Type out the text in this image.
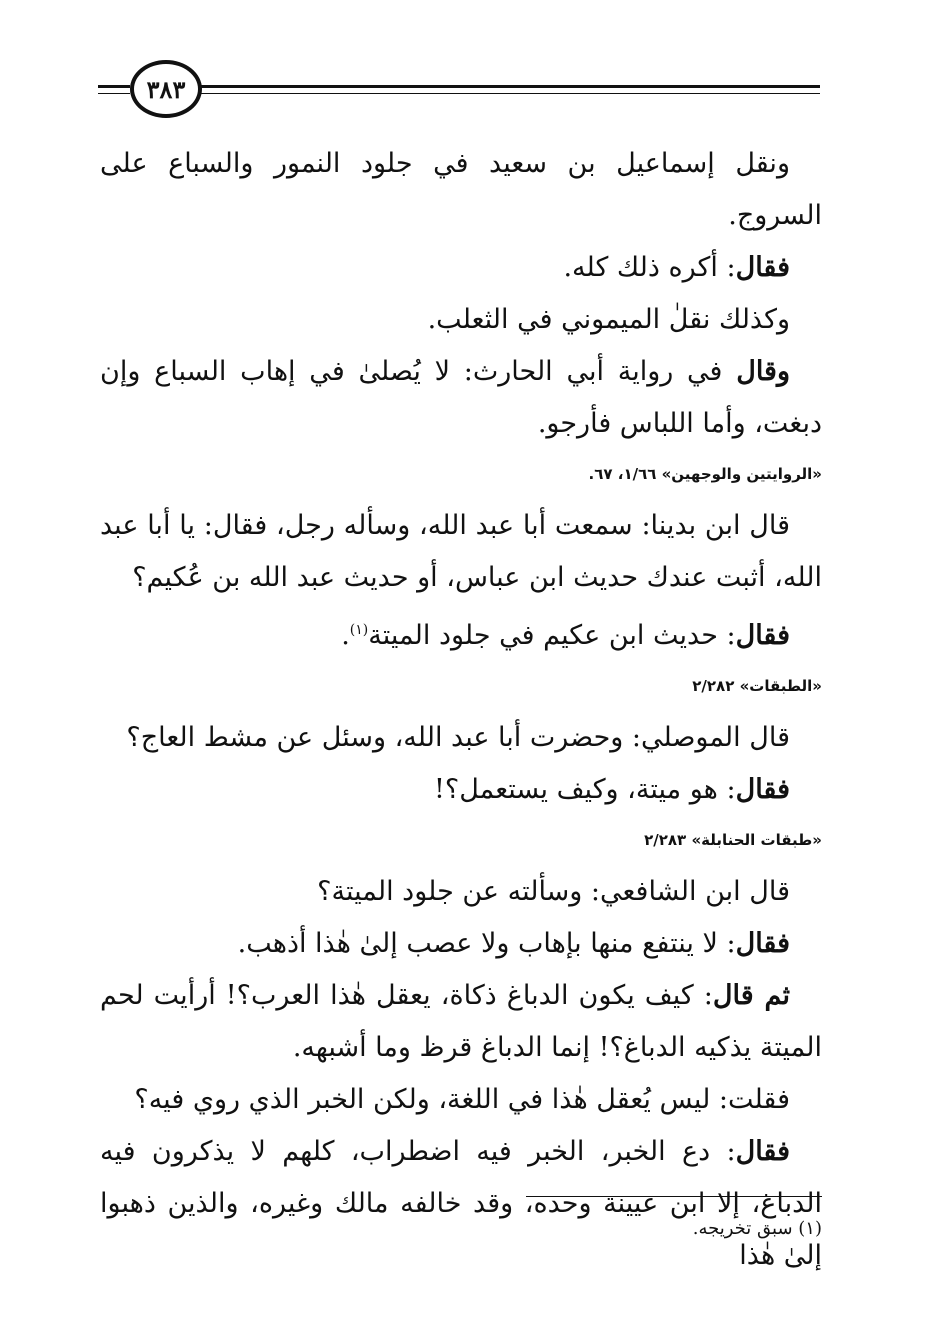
٣٨٣

ونقل إسماعيل بن سعيد في جلود النمور والسباع على السروج.

فقال: أكره ذلك كله.

وكذلك نقلٰ الميموني في الثعلب.

وقال في رواية أبي الحارث: لا يُصلىٰ في إهاب السباع وإن دبغت، وأما اللباس فأرجو.

«الروايتين والوجهين» ١/٦٦، ٦٧.

قال ابن بدينا: سمعت أبا عبد الله، وسأله رجل، فقال: يا أبا عبد الله، أثبت عندك حديث ابن عباس، أو حديث عبد الله بن عُكيم؟

فقال: حديث ابن عكيم في جلود الميتة$^{(١)}$.

«الطبقات» ٢/٢٨٢

قال الموصلي: وحضرت أبا عبد الله، وسئل عن مشط العاج؟

فقال: هو ميتة، وكيف يستعمل؟!

«طبقات الحنابلة» ٢/٢٨٣

قال ابن الشافعي: وسألته عن جلود الميتة؟

فقال: لا ينتفع منها بإهاب ولا عصب إلىٰ هٰذا أذهب.

ثم قال: كيف يكون الدباغ ذكاة، يعقل هٰذا العرب؟! أرأيت لحم الميتة يذكيه الدباغ؟! إنما الدباغ قرظ وما أشبهه.

فقلت: ليس يُعقل هٰذا في اللغة، ولكن الخبر الذي روي فيه؟

فقال: دع الخبر، الخبر فيه اضطراب، كلهم لا يذكرون فيه الدباغ، إلا ابن عيينة وحده، وقد خالفه مالك وغيره، والذين ذهبوا إلىٰ هٰذا

(١) سبق تخريجه.
